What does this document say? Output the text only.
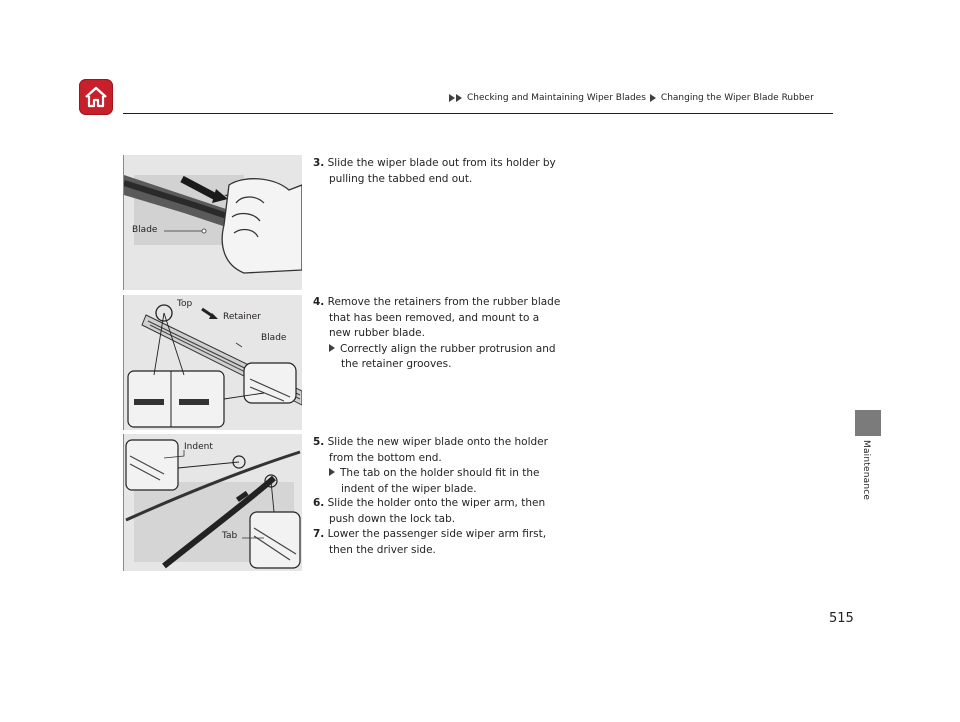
Checking and Maintaining Wiper Blades Changing the Wiper Blade Rubber
Maintenance
Blade
Top
Retainer
Blade
Indent
Tab
3. Slide the wiper blade out from its holder by pulling the tabbed end out.
4. Remove the retainers from the rubber blade that has been removed, and mount to a new rubber blade.
Correctly align the rubber protrusion and the retainer grooves.
5. Slide the new wiper blade onto the holder from the bottom end.
The tab on the holder should fit in the indent of the wiper blade.
6. Slide the holder onto the wiper arm, then push down the lock tab.
7. Lower the passenger side wiper arm first, then the driver side.
515
